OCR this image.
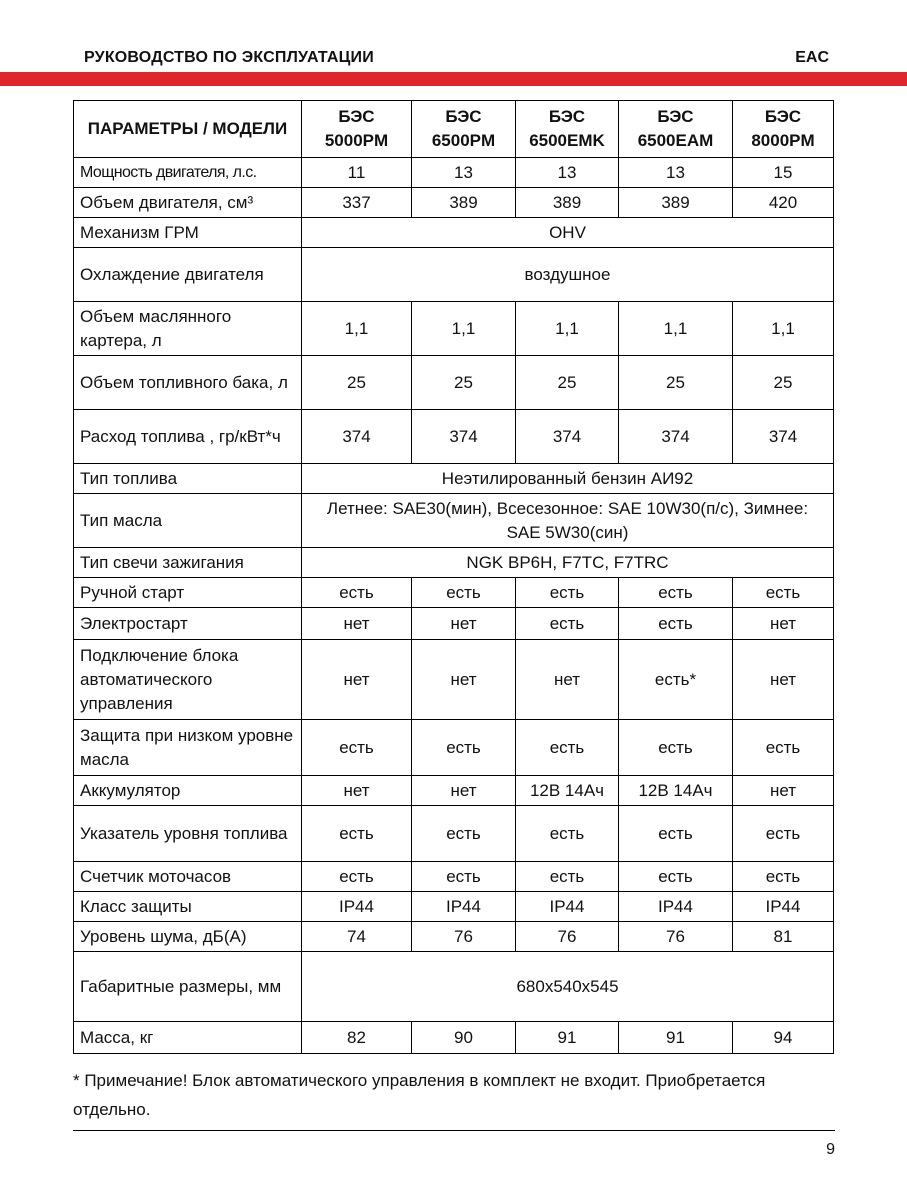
РУКОВОДСТВО ПО ЭКСПЛУАТАЦИИ	EAC
ПАРАМЕТРЫ / МОДЕЛИ	БЭС 5000PM	БЭС 6500PM	БЭС 6500EMK	БЭС 6500EAM	БЭС 8000PM
Мощность двигателя, л.с.	11	13	13	13	15
Объем двигателя, см³	337	389	389	389	420
Механизм ГРМ	OHV				
Охлаждение двигателя	воздушное				
Объем маслянного картера, л	1,1	1,1	1,1	1,1	1,1
Объем топливного бака, л	25	25	25	25	25
Расход топлива , гр/кВт*ч	374	374	374	374	374
Тип топлива	Неэтилированный бензин АИ92				
Тип масла	Летнее: SAE30(мин), Всесезонное: SAE 10W30(п/с), Зимнее: SAE 5W30(син)				
Тип свечи зажигания	NGK BP6H, F7TC, F7TRC				
Ручной старт	есть	есть	есть	есть	есть
Электростарт	нет	нет	есть	есть	нет
Подключение блока автоматического управления	нет	нет	нет	есть*	нет
Защита при низком уровне масла	есть	есть	есть	есть	есть
Аккумулятор	нет	нет	12В 14Ач	12В 14Ач	нет
Указатель уровня топлива	есть	есть	есть	есть	есть
Счетчик моточасов	есть	есть	есть	есть	есть
Класс защиты	IP44	IP44	IP44	IP44	IP44
Уровень шума, дБ(А)	74	76	76	76	81
Габаритные размеры, мм	680x540x545				
Масса, кг	82	90	91	91	94
* Примечание! Блок автоматического управления в комплект не входит. Приобретается отдельно.
9
